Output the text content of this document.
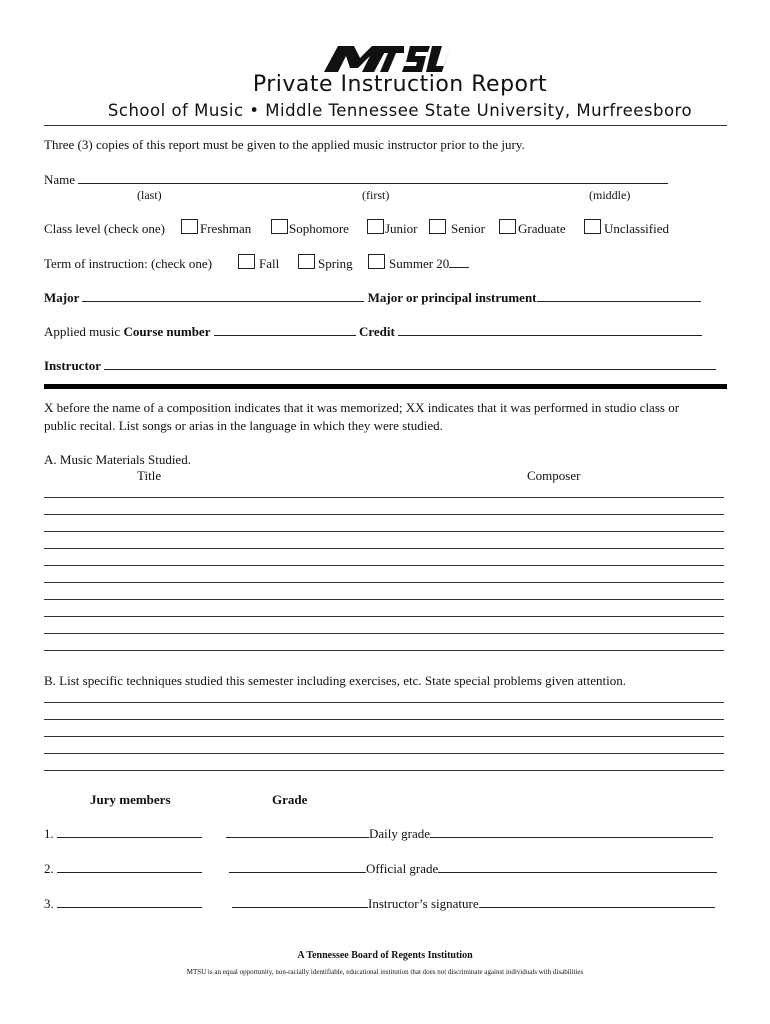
MTSU
Private Instruction Report
School of Music • Middle Tennessee State University, Murfreesboro
Three (3) copies of this report must be given to the applied music instructor prior to the jury.
Name
(last)	(first)	(middle)
Class level (check one)	Freshman	Sophomore	Junior	Senior	Graduate	Unclassified
Term of instruction: (check one)	Fall	Spring	Summer 20
Major	Major or principal instrument
Applied music Course number	Credit
Instructor
X before the name of a composition indicates that it was memorized; XX indicates that it was performed in studio class or
public recital. List songs or arias in the language in which they were studied.
A. Music Materials Studied.
Title	Composer
B. List specific techniques studied this semester including exercises, etc. State special problems given attention.
Jury members	Grade
1.	Daily grade
2.	Official grade
3.	Instructor’s signature
A Tennessee Board of Regents Institution
MTSU is an equal opportunity, non-racially identifiable, educational institution that does not discriminate against individuals with disabilities
